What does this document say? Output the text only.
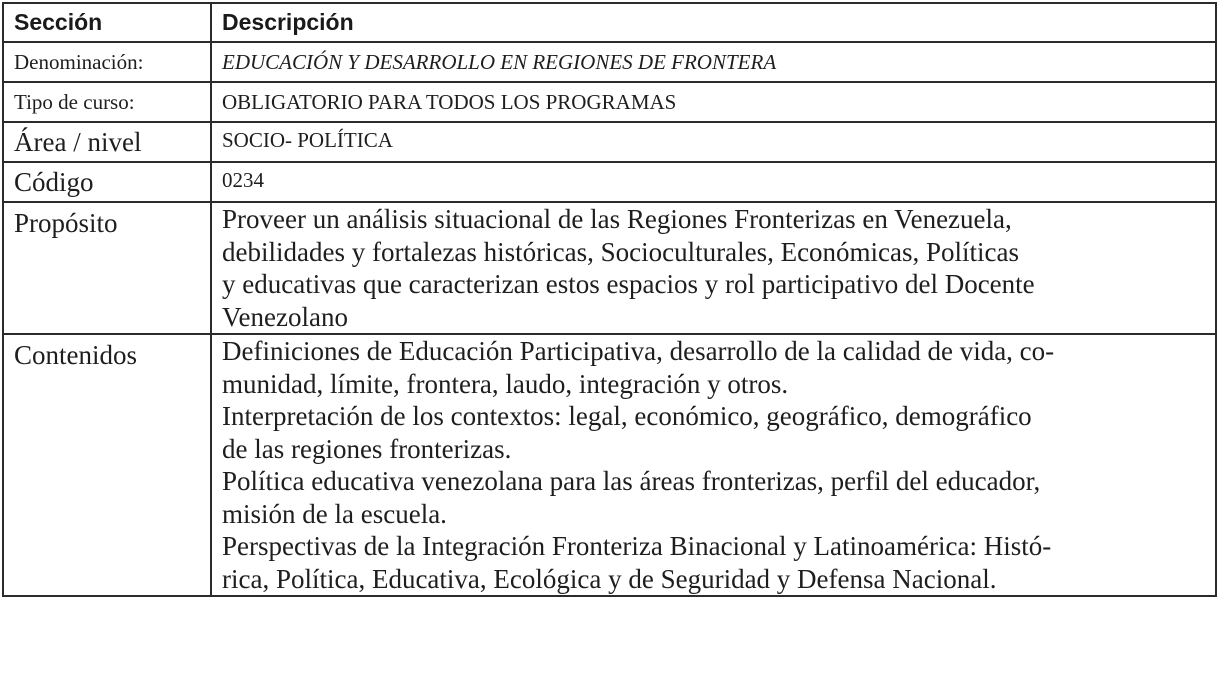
Sección	Descripción
Denominación:	EDUCACIÓN Y DESARROLLO EN REGIONES DE FRONTERA
Tipo de curso:	OBLIGATORIO PARA TODOS LOS PROGRAMAS
Área / nivel	SOCIO- POLÍTICA
Código	0234
Propósito	Proveer un análisis situacional de las Regiones Fronterizas en Venezuela,
debilidades y fortalezas históricas, Socioculturales, Económicas, Políticas
y educativas que caracterizan estos espacios y rol participativo del Docente
Venezolano

Contenidos	Definiciones de Educación Participativa, desarrollo de la calidad de vida, co-
munidad, límite, frontera, laudo, integración y otros.
Interpretación de los contextos: legal, económico, geográfico, demográfico
de las regiones fronterizas.
Política educativa venezolana para las áreas fronterizas, perfil del educador,
misión de la escuela.
Perspectivas de la Integración Fronteriza Binacional y Latinoamérica: Histó-
rica, Política, Educativa, Ecológica y de Seguridad y Defensa Nacional.
